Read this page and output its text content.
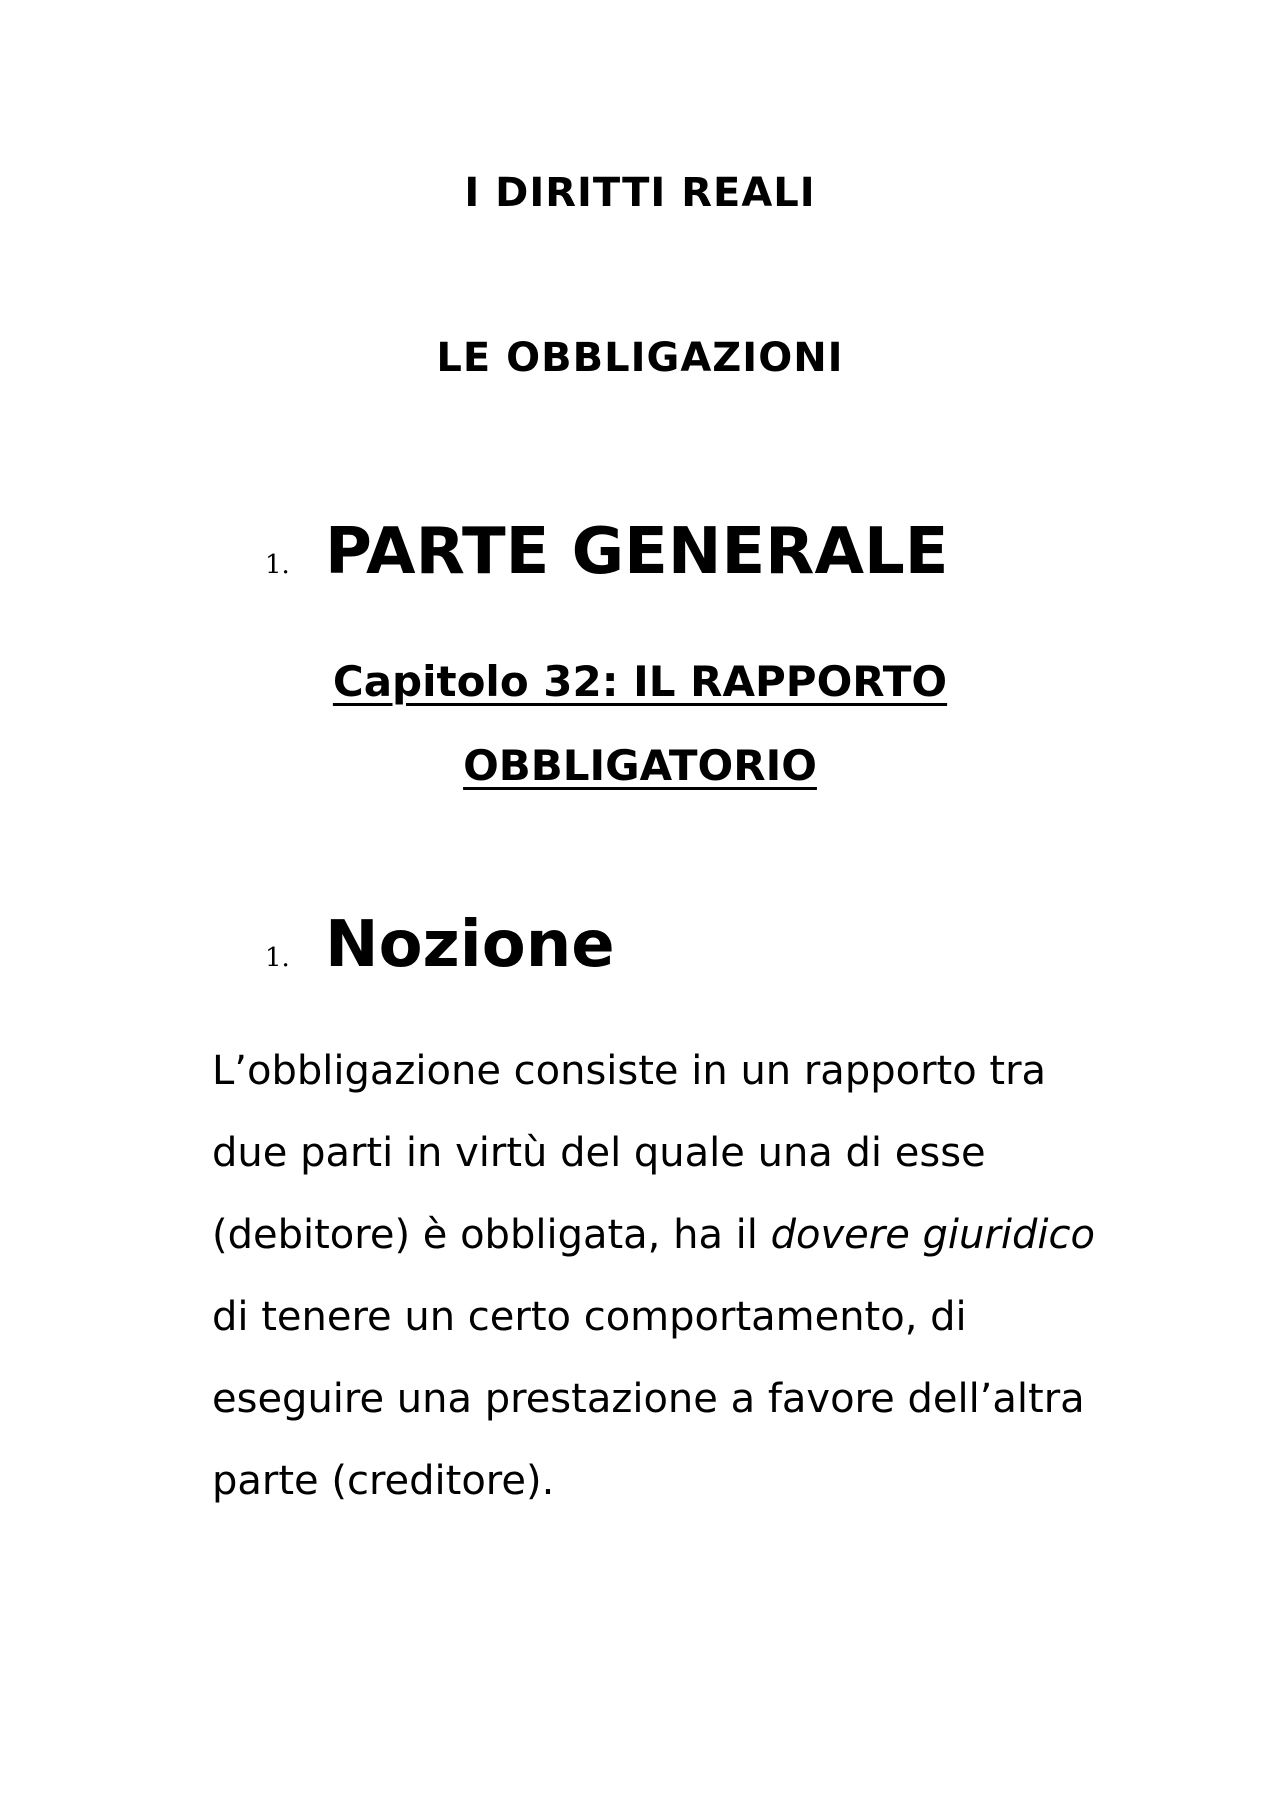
I DIRITTI REALI
LE OBBLIGAZIONI
1. PARTE GENERALE
Capitolo 32: IL RAPPORTO
OBBLIGATORIO
1. Nozione

L’obbligazione consiste in un rapporto tra due parti in virtù del quale una di esse (debitore) è obbligata, ha il dovere giuridico di tenere un certo comportamento, di eseguire una prestazione a favore dell’altra parte (creditore).
